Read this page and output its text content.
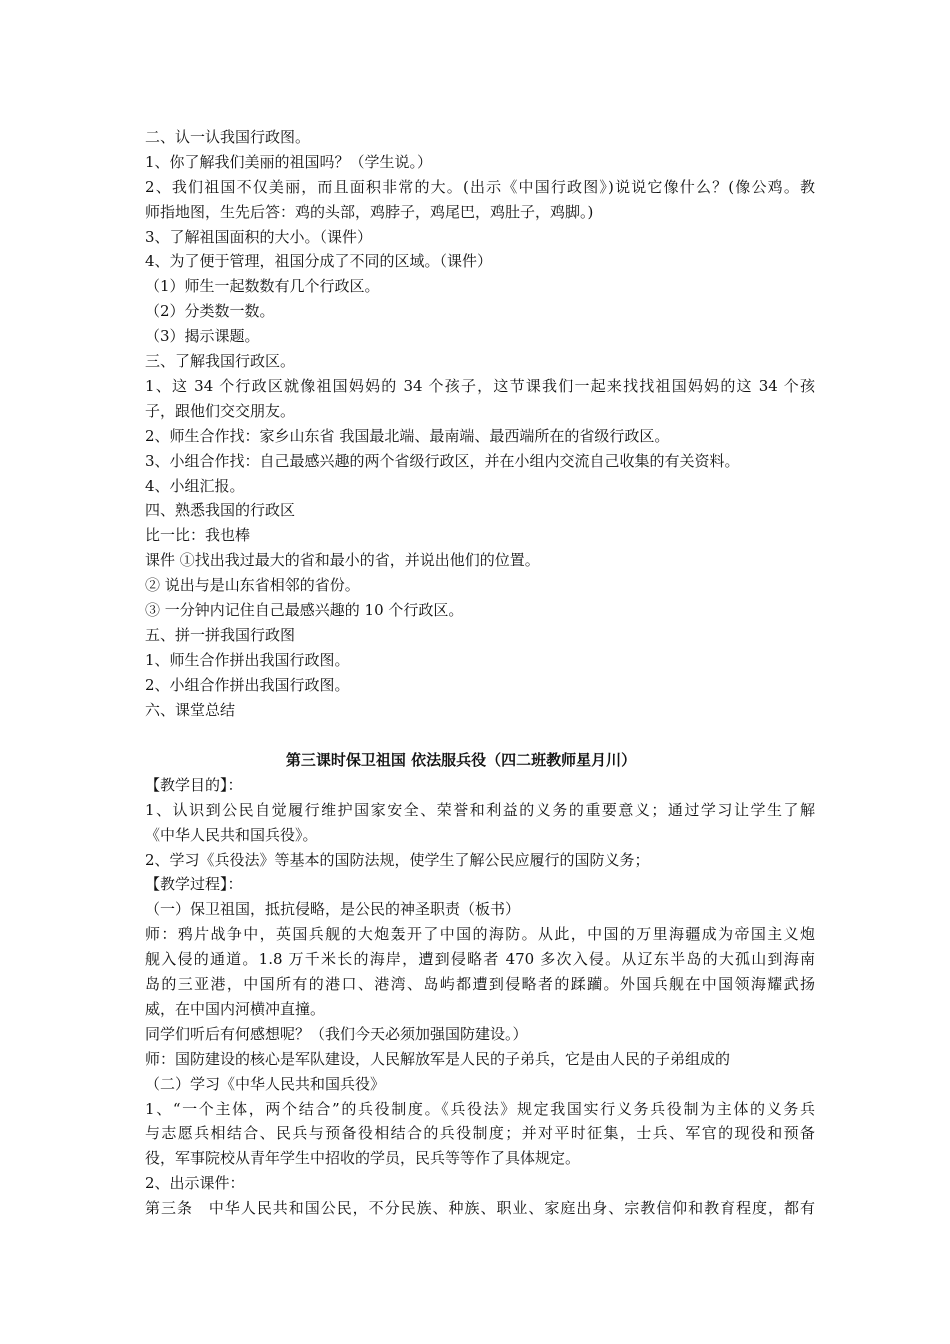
二、认一认我国行政图。
1、你了解我们美丽的祖国吗？（学生说。）
2、我们祖国不仅美丽，而且面积非常的大。(出示《中国行政图》)说说它像什么？(像公鸡。教
师指地图，生先后答：鸡的头部，鸡脖子，鸡尾巴，鸡肚子，鸡脚。)
3、了解祖国面积的大小。（课件）
4、为了便于管理，祖国分成了不同的区域。（课件）
（1）师生一起数数有几个行政区。
（2）分类数一数。
（3）揭示课题。
三、了解我国行政区。
1、这 34 个行政区就像祖国妈妈的 34 个孩子，这节课我们一起来找找祖国妈妈的这 34 个孩
子，跟他们交交朋友。
2、师生合作找：家乡山东省 我国最北端、最南端、最西端所在的省级行政区。
3、小组合作找：自己最感兴趣的两个省级行政区，并在小组内交流自己收集的有关资料。
4、小组汇报。
四、熟悉我国的行政区
比一比：我也棒
课件 ①找出我过最大的省和最小的省，并说出他们的位置。
② 说出与是山东省相邻的省份。
③ 一分钟内记住自己最感兴趣的 10 个行政区。
五、拼一拼我国行政图
1、师生合作拼出我国行政图。
2、小组合作拼出我国行政图。
六、课堂总结
第三课时保卫祖国 依法服兵役（四二班教师星月川）
【教学目的】：
1、认识到公民自觉履行维护国家安全、荣誉和利益的义务的重要意义；通过学习让学生了解
《中华人民共和国兵役》。
2、学习《兵役法》等基本的国防法规，使学生了解公民应履行的国防义务；
【教学过程】：
（一）保卫祖国，抵抗侵略，是公民的神圣职责（板书）
师：鸦片战争中，英国兵舰的大炮轰开了中国的海防。从此，中国的万里海疆成为帝国主义炮
舰入侵的通道。1.8 万千米长的海岸，遭到侵略者 470 多次入侵。从辽东半岛的大孤山到海南
岛的三亚港，中国所有的港口、港湾、岛屿都遭到侵略者的蹂躏。外国兵舰在中国领海耀武扬
威，在中国内河横冲直撞。
同学们听后有何感想呢？（我们今天必须加强国防建设。）
师：国防建设的核心是军队建设，人民解放军是人民的子弟兵，它是由人民的子弟组成的
（二）学习《中华人民共和国兵役》
1、“一个主体，两个结合”的兵役制度。《兵役法》规定我国实行义务兵役制为主体的义务兵
与志愿兵相结合、民兵与预备役相结合的兵役制度；并对平时征集，士兵、军官的现役和预备
役，军事院校从青年学生中招收的学员，民兵等等作了具体规定。
2、出示课件：
第三条　中华人民共和国公民，不分民族、种族、职业、家庭出身、宗教信仰和教育程度，都有
